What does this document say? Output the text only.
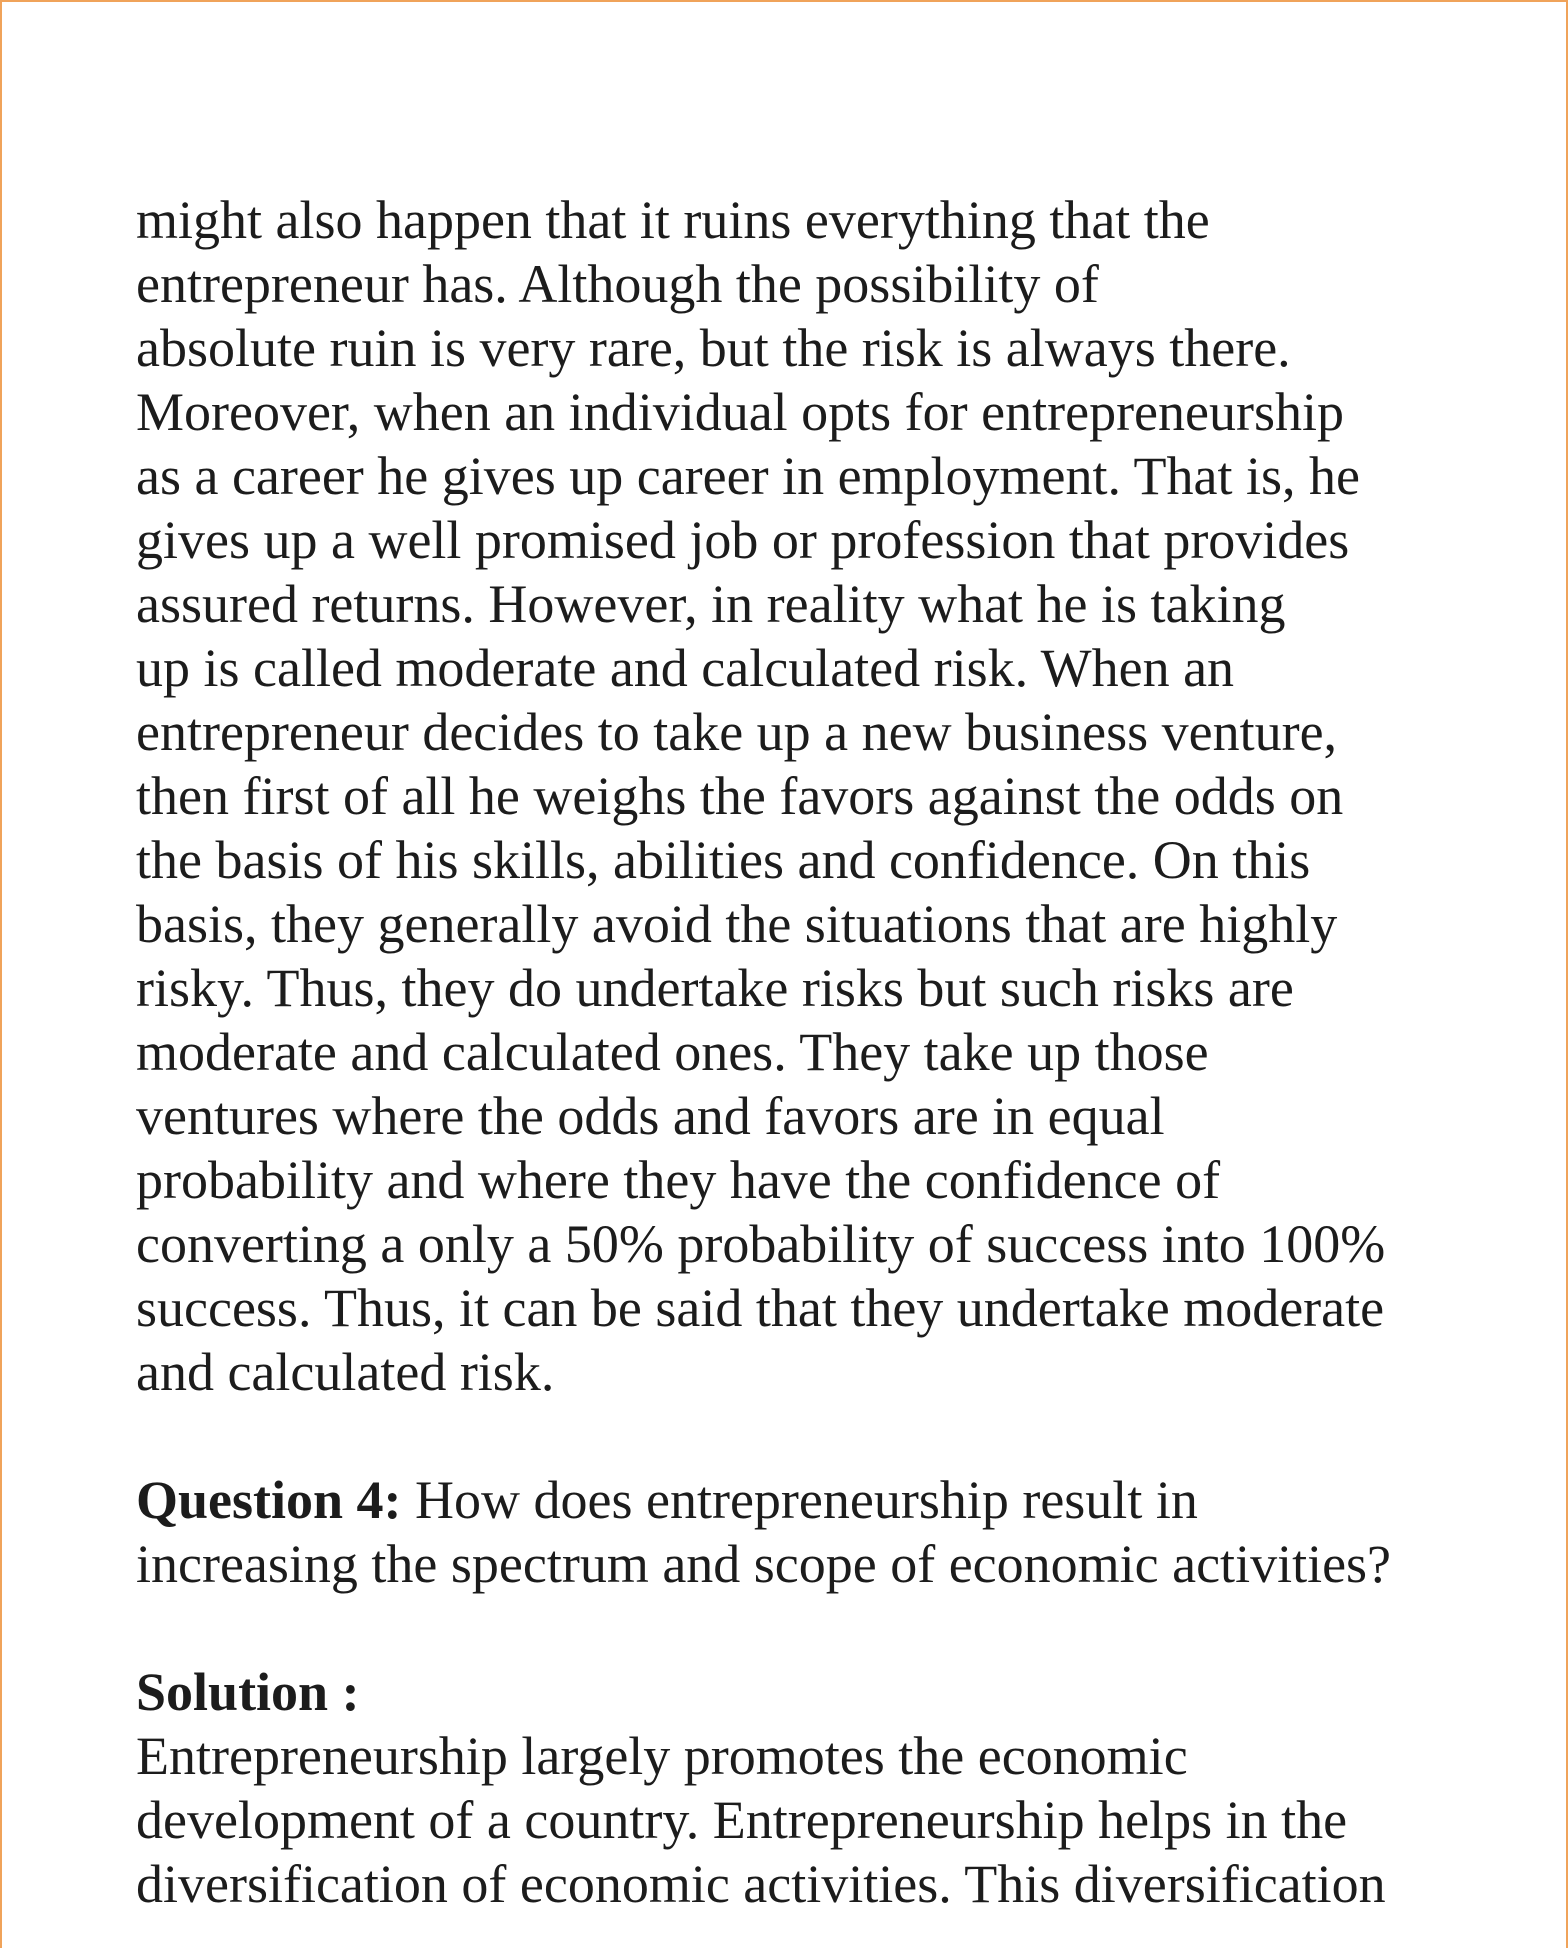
might also happen that it ruins everything that the
entrepreneur has. Although the possibility of
absolute ruin is very rare, but the risk is always there.
Moreover, when an individual opts for entrepreneurship
as a career he gives up career in employment. That is, he
gives up a well promised job or profession that provides
assured returns. However, in reality what he is taking
up is called moderate and calculated risk. When an
entrepreneur decides to take up a new business venture,
then first of all he weighs the favors against the odds on
the basis of his skills, abilities and confidence. On this
basis, they generally avoid the situations that are highly
risky. Thus, they do undertake risks but such risks are
moderate and calculated ones. They take up those
ventures where the odds and favors are in equal
probability and where they have the confidence of
converting a only a 50% probability of success into 100%
success. Thus, it can be said that they undertake moderate
and calculated risk.
Question 4: How does entrepreneurship result in
increasing the spectrum and scope of economic activities?
Solution :
Entrepreneurship largely promotes the economic
development of a country. Entrepreneurship helps in the
diversification of economic activities. This diversification
